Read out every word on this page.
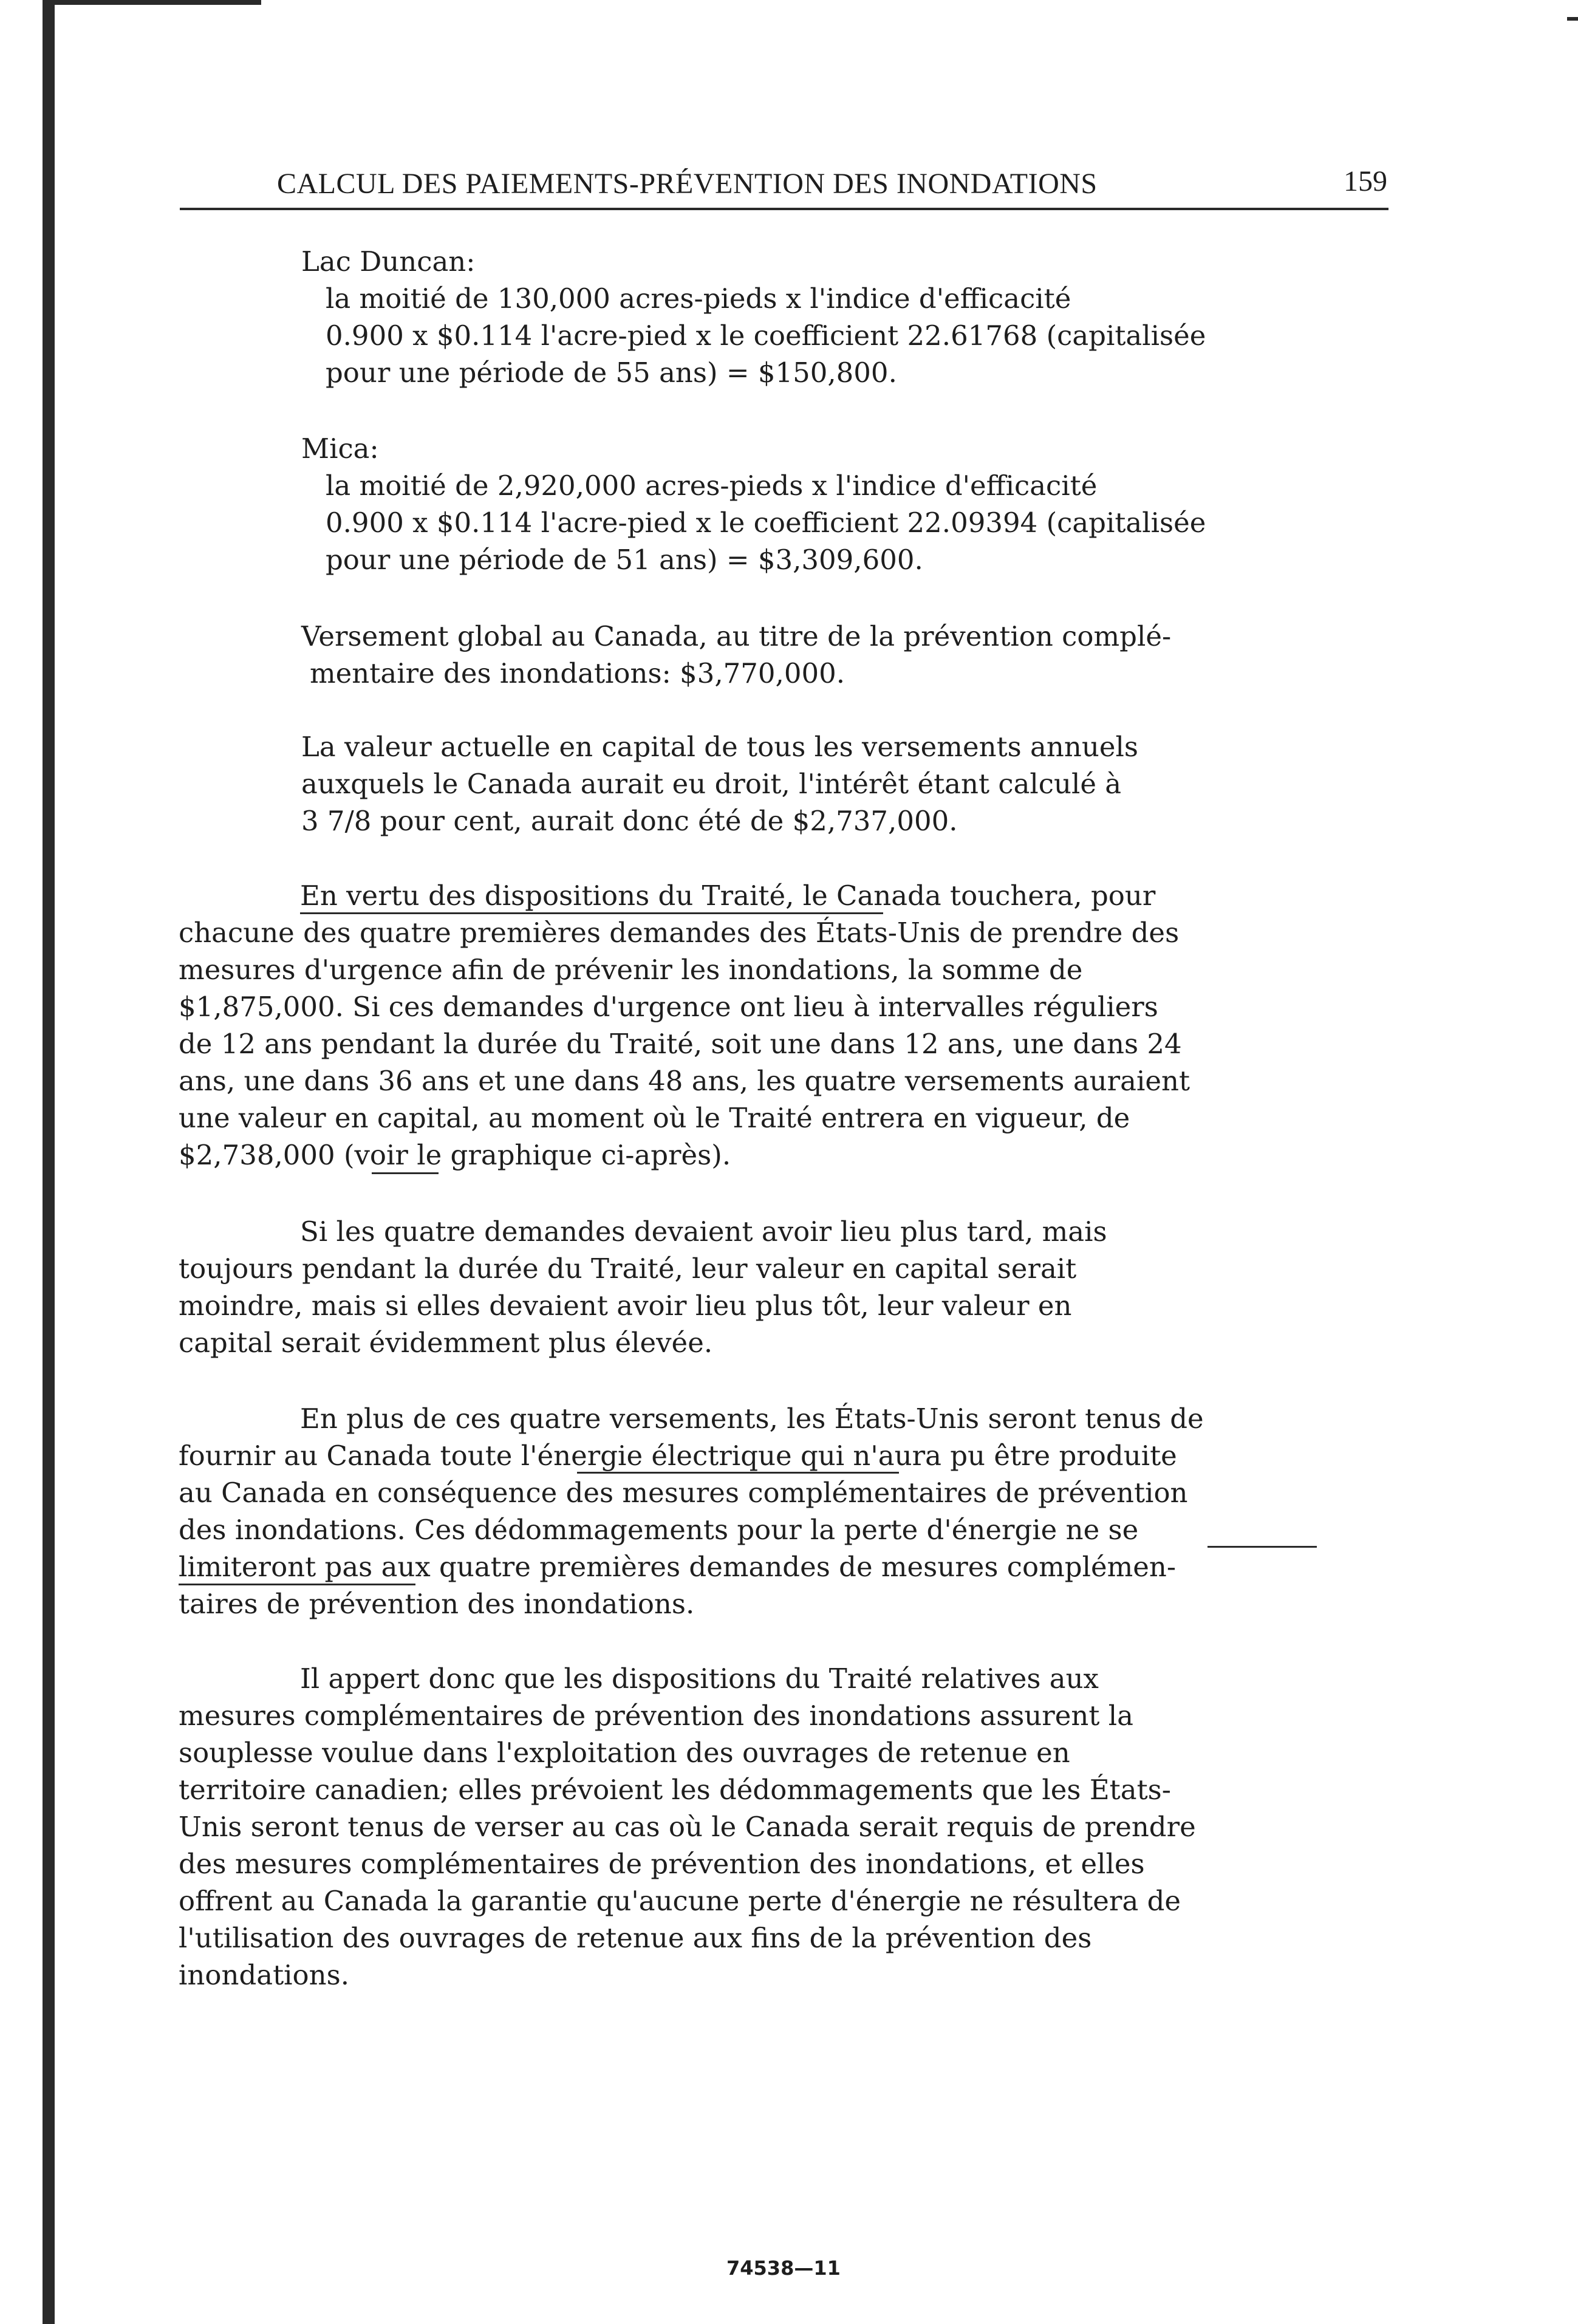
CALCUL DES PAIEMENTS-PRÉVENTION DES INONDATIONS	159
Lac Duncan:
la moitié de 130,000 acres-pieds x l'indice d'efficacité
0.900 x $0.114 l'acre-pied x le coefficient 22.61768 (capitalisée
pour une période de 55 ans) = $150,800.
Mica:
la moitié de 2,920,000 acres-pieds x l'indice d'efficacité
0.900 x $0.114 l'acre-pied x le coefficient 22.09394 (capitalisée
pour une période de 51 ans) = $3,309,600.
Versement global au Canada, au titre de la prévention complé-
mentaire des inondations: $3,770,000.
La valeur actuelle en capital de tous les versements annuels
auxquels le Canada aurait eu droit, l'intérêt étant calculé à
3 7/8 pour cent, aurait donc été de $2,737,000.
En vertu des dispositions du Traité, le Canada touchera, pour
chacune des quatre premières demandes des États-Unis de prendre des
mesures d'urgence afin de prévenir les inondations, la somme de
$1,875,000. Si ces demandes d'urgence ont lieu à intervalles réguliers
de 12 ans pendant la durée du Traité, soit une dans 12 ans, une dans 24
ans, une dans 36 ans et une dans 48 ans, les quatre versements auraient
une valeur en capital, au moment où le Traité entrera en vigueur, de
$2,738,000 (voir le graphique ci-après).
Si les quatre demandes devaient avoir lieu plus tard, mais
toujours pendant la durée du Traité, leur valeur en capital serait
moindre, mais si elles devaient avoir lieu plus tôt, leur valeur en
capital serait évidemment plus élevée.
En plus de ces quatre versements, les États-Unis seront tenus de
fournir au Canada toute l'énergie électrique qui n'aura pu être produite
au Canada en conséquence des mesures complémentaires de prévention
des inondations. Ces dédommagements pour la perte d'énergie ne se
limiteront pas aux quatre premières demandes de mesures complémen-
taires de prévention des inondations.
Il appert donc que les dispositions du Traité relatives aux
mesures complémentaires de prévention des inondations assurent la
souplesse voulue dans l'exploitation des ouvrages de retenue en
territoire canadien; elles prévoient les dédommagements que les États-
Unis seront tenus de verser au cas où le Canada serait requis de prendre
des mesures complémentaires de prévention des inondations, et elles
offrent au Canada la garantie qu'aucune perte d'énergie ne résultera de
l'utilisation des ouvrages de retenue aux fins de la prévention des
inondations.
74538—11
